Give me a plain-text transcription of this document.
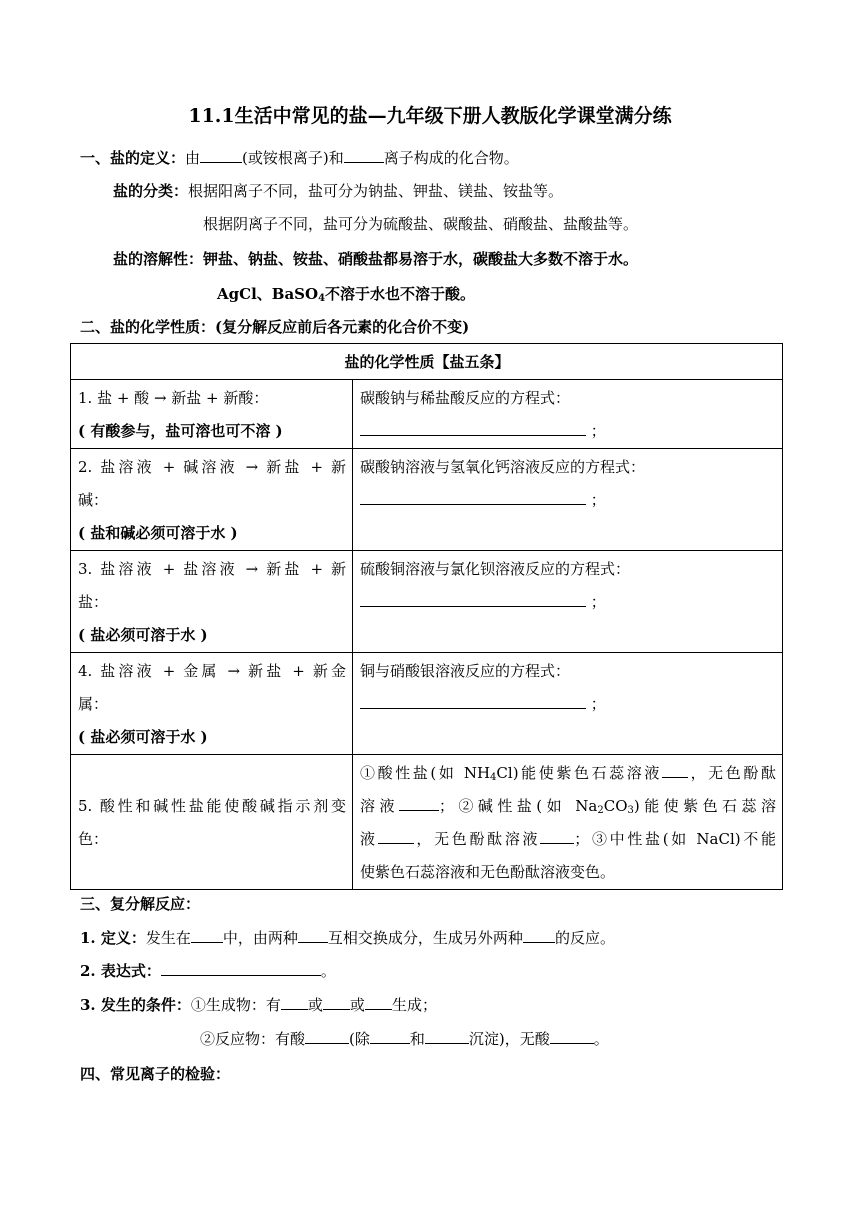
11.1生活中常见的盐—九年级下册人教版化学课堂满分练
一、盐的定义：由	(或铵根离子)和	离子构成的化合物。
盐的分类：根据阳离子不同，盐可分为钠盐、钾盐、镁盐、铵盐等。
根据阴离子不同，盐可分为硫酸盐、碳酸盐、硝酸盐、盐酸盐等。
盐的溶解性：钾盐、钠盐、铵盐、硝酸盐都易溶于水，碳酸盐大多数不溶于水。
AgCl、BaSO$_4$不溶于水也不溶于酸。
二、盐的化学性质：(复分解反应前后各元素的化合价不变)
盐的化学性质【盐五条】	

1. 盐 + 酸 → 新盐 + 新酸：
( 有酸参与，盐可溶也可不溶 )	碳酸钠与稀盐酸反应的方程式：
；

2. 盐溶液 + 碱溶液 → 新盐 + 新
碱：
( 盐和碱必须可溶于水 )	碳酸钠溶液与氢氧化钙溶液反应的方程式：
；

3. 盐溶液 + 盐溶液 → 新盐 + 新
盐：
( 盐必须可溶于水 )	硫酸铜溶液与氯化钡溶液反应的方程式：
；

4. 盐溶液 + 金属 → 新盐 + 新金
属：
( 盐必须可溶于水 )	铜与硝酸银溶液反应的方程式：
；

5. 酸性和碱性盐能使酸碱指示剂变
色：	①酸性盐(如 $NH_4Cl$)能使紫色石蕊溶液 ，无色酚酞
溶液 ；②碱性盐(如 $Na_2CO_3$)能使紫色石蕊溶
液 ，无色酚酞溶液 ；③中性盐(如 NaCl)不能
使紫色石蕊溶液和无色酚酞溶液变色。
三、复分解反应：
1. 定义：发生在 中，由两种 互相交换成分，生成另外两种 的反应。
2. 表达式：	。
3. 发生的条件：①生成物：有 或 或 生成；
②反应物：有酸	(除	和	沉淀)，无酸	。
四、常见离子的检验：
